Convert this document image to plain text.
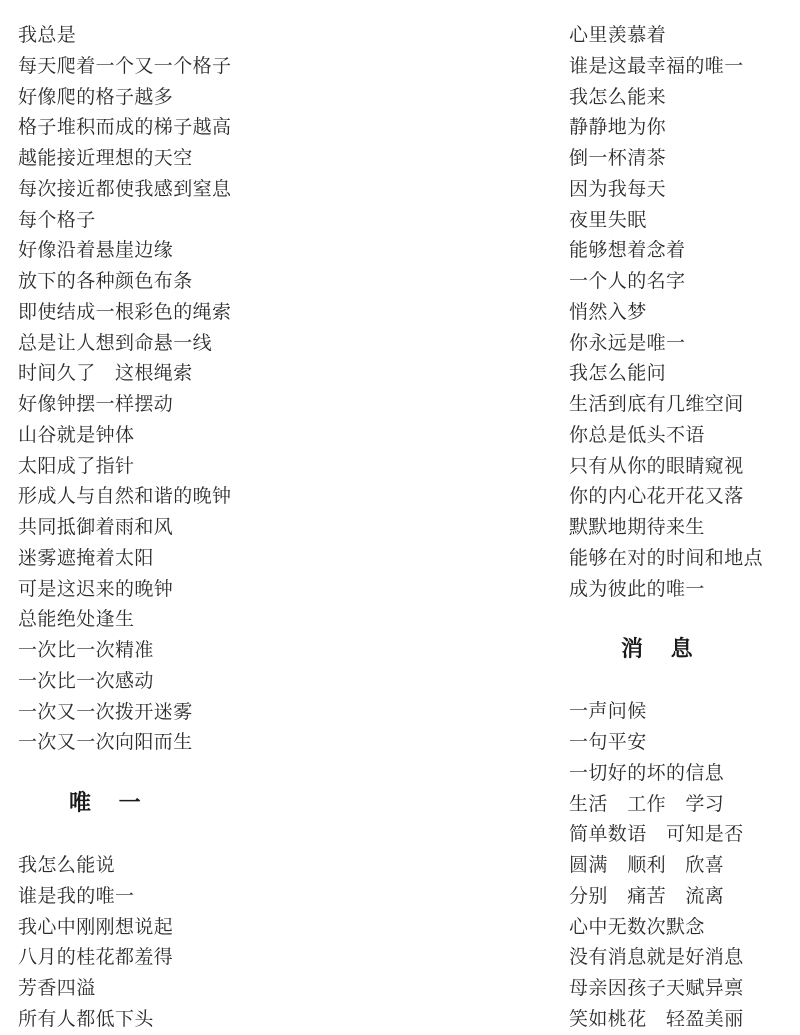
我总是
每天爬着一个又一个格子
好像爬的格子越多
格子堆积而成的梯子越高
越能接近理想的天空
每次接近都使我感到窒息
每个格子
好像沿着悬崖边缘
放下的各种颜色布条
即使结成一根彩色的绳索
总是让人想到命悬一线
时间久了　这根绳索
好像钟摆一样摆动
山谷就是钟体
太阳成了指针
形成人与自然和谐的晚钟
共同抵御着雨和风
迷雾遮掩着太阳
可是这迟来的晚钟
总能绝处逢生
一次比一次精准
一次比一次感动
一次又一次拨开迷雾
一次又一次向阳而生
唯 一
我怎么能说
谁是我的唯一
我心中刚刚想说起
八月的桂花都羞得
芳香四溢
所有人都低下头
心里羡慕着
谁是这最幸福的唯一
我怎么能来
静静地为你
倒一杯清茶
因为我每天
夜里失眠
能够想着念着
一个人的名字
悄然入梦
你永远是唯一
我怎么能问
生活到底有几维空间
你总是低头不语
只有从你的眼睛窥视
你的内心花开花又落
默默地期待来生
能够在对的时间和地点
成为彼此的唯一
消 息
一声问候
一句平安
一切好的坏的信息
生活　工作　学习
简单数语　可知是否
圆满　顺利　欣喜
分别　痛苦　流离
心中无数次默念
没有消息就是好消息
母亲因孩子天赋异禀
笑如桃花　轻盈美丽
